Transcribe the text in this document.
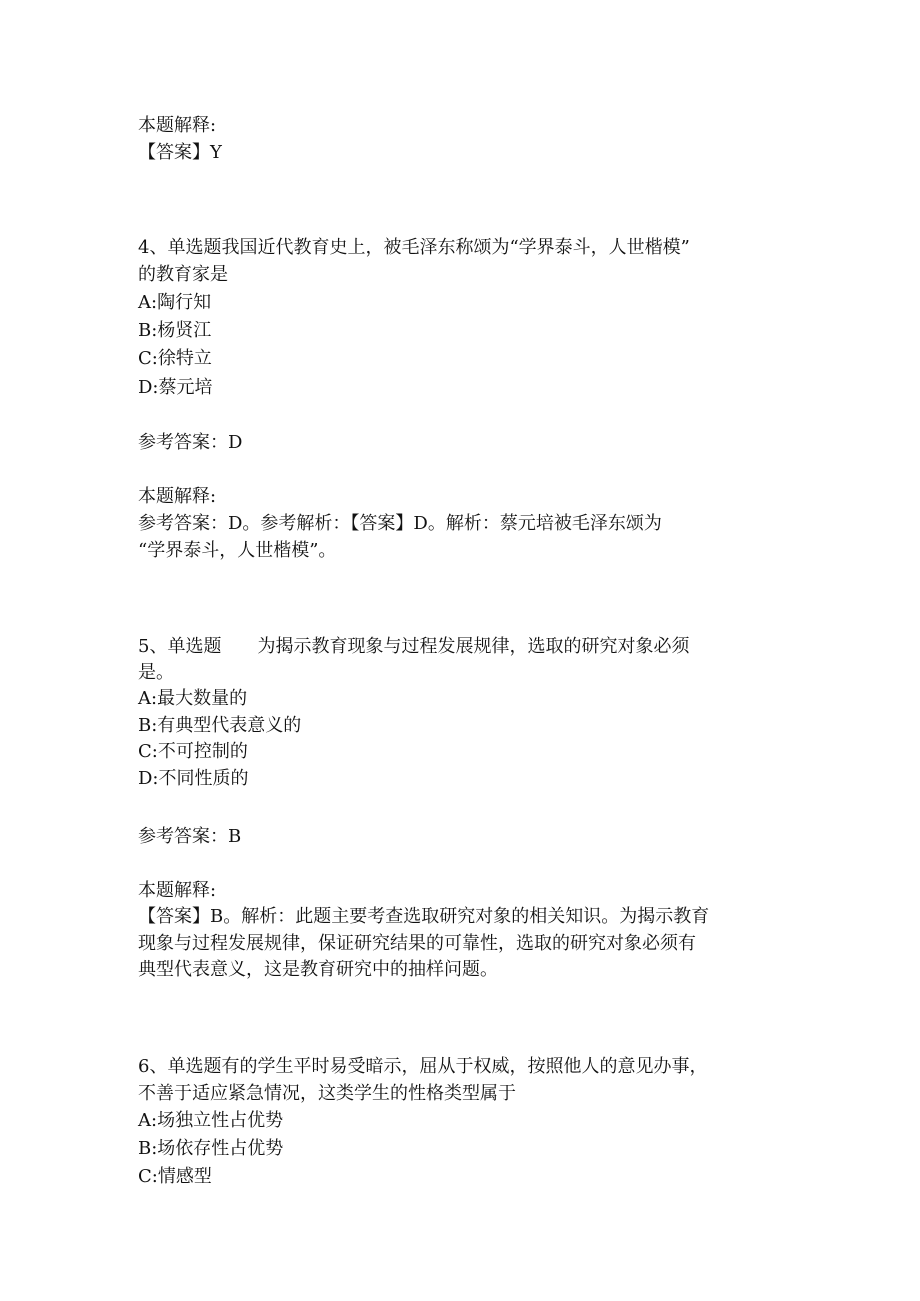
本题解释:
【答案】Y
4、单选题我国近代教育史上，被毛泽东称颂为“学界泰斗，人世楷模”
的教育家是
A:陶行知
B:杨贤江
C:徐特立
D:蔡元培
参考答案：D
本题解释:
参考答案：D。参考解析：【答案】D。解析：蔡元培被毛泽东颂为
“学界泰斗，人世楷模”。
5、单选题　　为揭示教育现象与过程发展规律，选取的研究对象必须
是。
A:最大数量的
B:有典型代表意义的
C:不可控制的
D:不同性质的
参考答案：B
本题解释:
【答案】B。解析：此题主要考查选取研究对象的相关知识。为揭示教育
现象与过程发展规律，保证研究结果的可靠性，选取的研究对象必须有
典型代表意义，这是教育研究中的抽样问题。
6、单选题有的学生平时易受暗示，屈从于权威，按照他人的意见办事，
不善于适应紧急情况，这类学生的性格类型属于
A:场独立性占优势
B:场依存性占优势
C:情感型
